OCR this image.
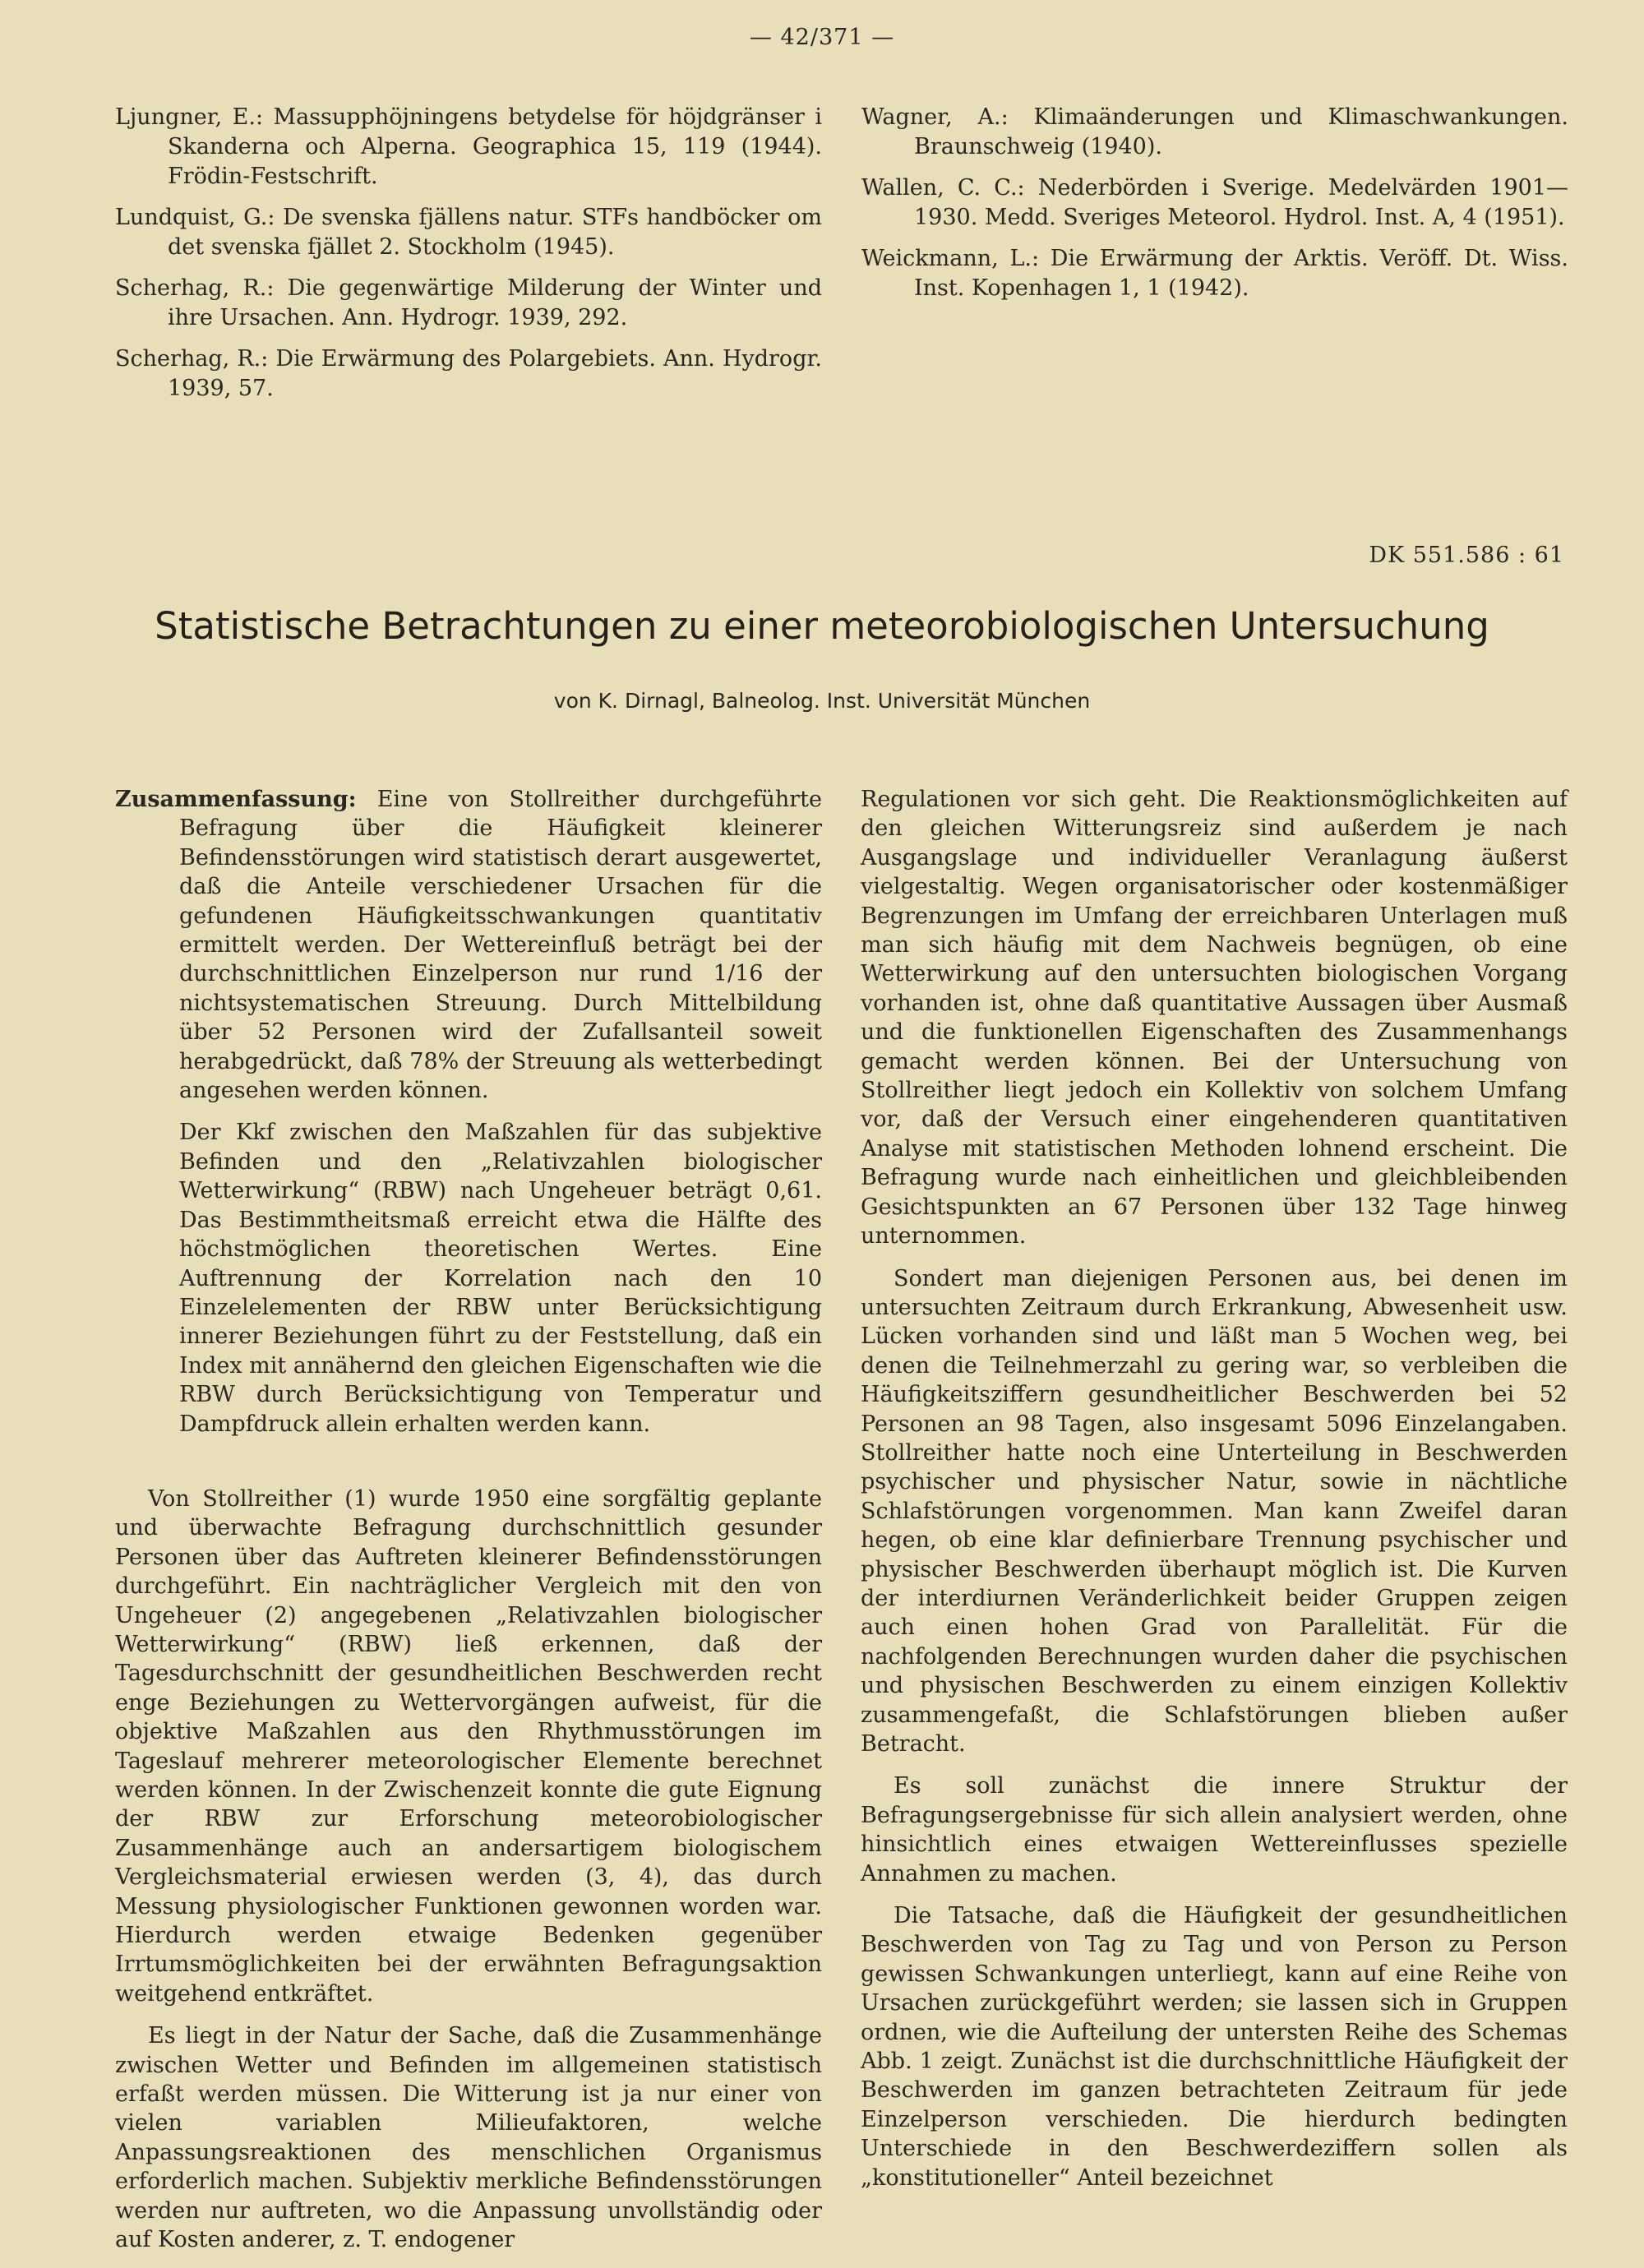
— 42/371 —

Ljungner, E.: Massupphöjningens betydelse för höjdgränser i Skanderna och Alperna. Geographica 15, 119 (1944). Frödin-Festschrift.

Lundquist, G.: De svenska fjällens natur. STFs handböcker om det svenska fjället 2. Stockholm (1945).

Scherhag, R.: Die gegenwärtige Milderung der Winter und ihre Ursachen. Ann. Hydrogr. 1939, 292.

Scherhag, R.: Die Erwärmung des Polargebiets. Ann. Hydrogr. 1939, 57.

Wagner, A.: Klimaänderungen und Klimaschwankungen. Braunschweig (1940).

Wallen, C. C.: Nederbörden i Sverige. Medelvärden 1901—1930. Medd. Sveriges Meteorol. Hydrol. Inst. A, 4 (1951).

Weickmann, L.: Die Erwärmung der Arktis. Veröff. Dt. Wiss. Inst. Kopenhagen 1, 1 (1942).

DK 551.586 : 61
Statistische Betrachtungen zu einer meteorobiologischen Untersuchung
von K. Dirnagl, Balneolog. Inst. Universität München

Zusammenfassung: Eine von Stollreither durchgeführte Befragung über die Häufigkeit kleinerer Befindensstörungen wird statistisch derart ausgewertet, daß die Anteile verschiedener Ursachen für die gefundenen Häufigkeitsschwankungen quantitativ ermittelt werden. Der Wettereinfluß beträgt bei der durchschnittlichen Einzelperson nur rund 1/16 der nichtsystematischen Streuung. Durch Mittelbildung über 52 Personen wird der Zufallsanteil soweit herabgedrückt, daß 78% der Streuung als wetterbedingt angesehen werden können.

Der Kkf zwischen den Maßzahlen für das subjektive Befinden und den „Relativzahlen biologischer Wetterwirkung“ (RBW) nach Ungeheuer beträgt 0,61. Das Bestimmtheitsmaß erreicht etwa die Hälfte des höchstmöglichen theoretischen Wertes. Eine Auftrennung der Korrelation nach den 10 Einzelelementen der RBW unter Berücksichtigung innerer Beziehungen führt zu der Feststellung, daß ein Index mit annähernd den gleichen Eigenschaften wie die RBW durch Berücksichtigung von Temperatur und Dampfdruck allein erhalten werden kann.

Von Stollreither (1) wurde 1950 eine sorgfältig geplante und überwachte Befragung durchschnittlich gesunder Personen über das Auftreten kleinerer Befindensstörungen durchgeführt. Ein nachträglicher Vergleich mit den von Ungeheuer (2) angegebenen „Relativzahlen biologischer Wetterwirkung“ (RBW) ließ erkennen, daß der Tagesdurchschnitt der gesundheitlichen Beschwerden recht enge Beziehungen zu Wettervorgängen aufweist, für die objektive Maßzahlen aus den Rhythmusstörungen im Tageslauf mehrerer meteorologischer Elemente berechnet werden können. In der Zwischenzeit konnte die gute Eignung der RBW zur Erforschung meteorobiologischer Zusammenhänge auch an andersartigem biologischem Vergleichsmaterial erwiesen werden (3, 4), das durch Messung physiologischer Funktionen gewonnen worden war. Hierdurch werden etwaige Bedenken gegenüber Irrtumsmöglichkeiten bei der erwähnten Befragungsaktion weitgehend entkräftet.

Es liegt in der Natur der Sache, daß die Zusammenhänge zwischen Wetter und Befinden im allgemeinen statistisch erfaßt werden müssen. Die Witterung ist ja nur einer von vielen variablen Milieufaktoren, welche Anpassungsreaktionen des menschlichen Organismus erforderlich machen. Subjektiv merkliche Befindensstörungen werden nur auftreten, wo die Anpassung unvollständig oder auf Kosten anderer, z. T. endogener

Regulationen vor sich geht. Die Reaktionsmöglichkeiten auf den gleichen Witterungsreiz sind außerdem je nach Ausgangslage und individueller Veranlagung äußerst vielgestaltig. Wegen organisatorischer oder kostenmäßiger Begrenzungen im Umfang der erreichbaren Unterlagen muß man sich häufig mit dem Nachweis begnügen, ob eine Wetterwirkung auf den untersuchten biologischen Vorgang vorhanden ist, ohne daß quantitative Aussagen über Ausmaß und die funktionellen Eigenschaften des Zusammenhangs gemacht werden können. Bei der Untersuchung von Stollreither liegt jedoch ein Kollektiv von solchem Umfang vor, daß der Versuch einer eingehenderen quantitativen Analyse mit statistischen Methoden lohnend erscheint. Die Befragung wurde nach einheitlichen und gleichbleibenden Gesichtspunkten an 67 Personen über 132 Tage hinweg unternommen.

Sondert man diejenigen Personen aus, bei denen im untersuchten Zeitraum durch Erkrankung, Abwesenheit usw. Lücken vorhanden sind und läßt man 5 Wochen weg, bei denen die Teilnehmerzahl zu gering war, so verbleiben die Häufigkeitsziffern gesundheitlicher Beschwerden bei 52 Personen an 98 Tagen, also insgesamt 5096 Einzelangaben. Stollreither hatte noch eine Unterteilung in Beschwerden psychischer und physischer Natur, sowie in nächtliche Schlafstörungen vorgenommen. Man kann Zweifel daran hegen, ob eine klar definierbare Trennung psychischer und physischer Beschwerden überhaupt möglich ist. Die Kurven der interdiurnen Veränderlichkeit beider Gruppen zeigen auch einen hohen Grad von Parallelität. Für die nachfolgenden Berechnungen wurden daher die psychischen und physischen Beschwerden zu einem einzigen Kollektiv zusammengefaßt, die Schlafstörungen blieben außer Betracht.

Es soll zunächst die innere Struktur der Befragungsergebnisse für sich allein analysiert werden, ohne hinsichtlich eines etwaigen Wettereinflusses spezielle Annahmen zu machen.

Die Tatsache, daß die Häufigkeit der gesundheitlichen Beschwerden von Tag zu Tag und von Person zu Person gewissen Schwankungen unterliegt, kann auf eine Reihe von Ursachen zurückgeführt werden; sie lassen sich in Gruppen ordnen, wie die Aufteilung der untersten Reihe des Schemas Abb. 1 zeigt. Zunächst ist die durchschnittliche Häufigkeit der Beschwerden im ganzen betrachteten Zeitraum für jede Einzelperson verschieden. Die hierdurch bedingten Unterschiede in den Beschwerdeziffern sollen als „konstitutioneller“ Anteil bezeichnet
